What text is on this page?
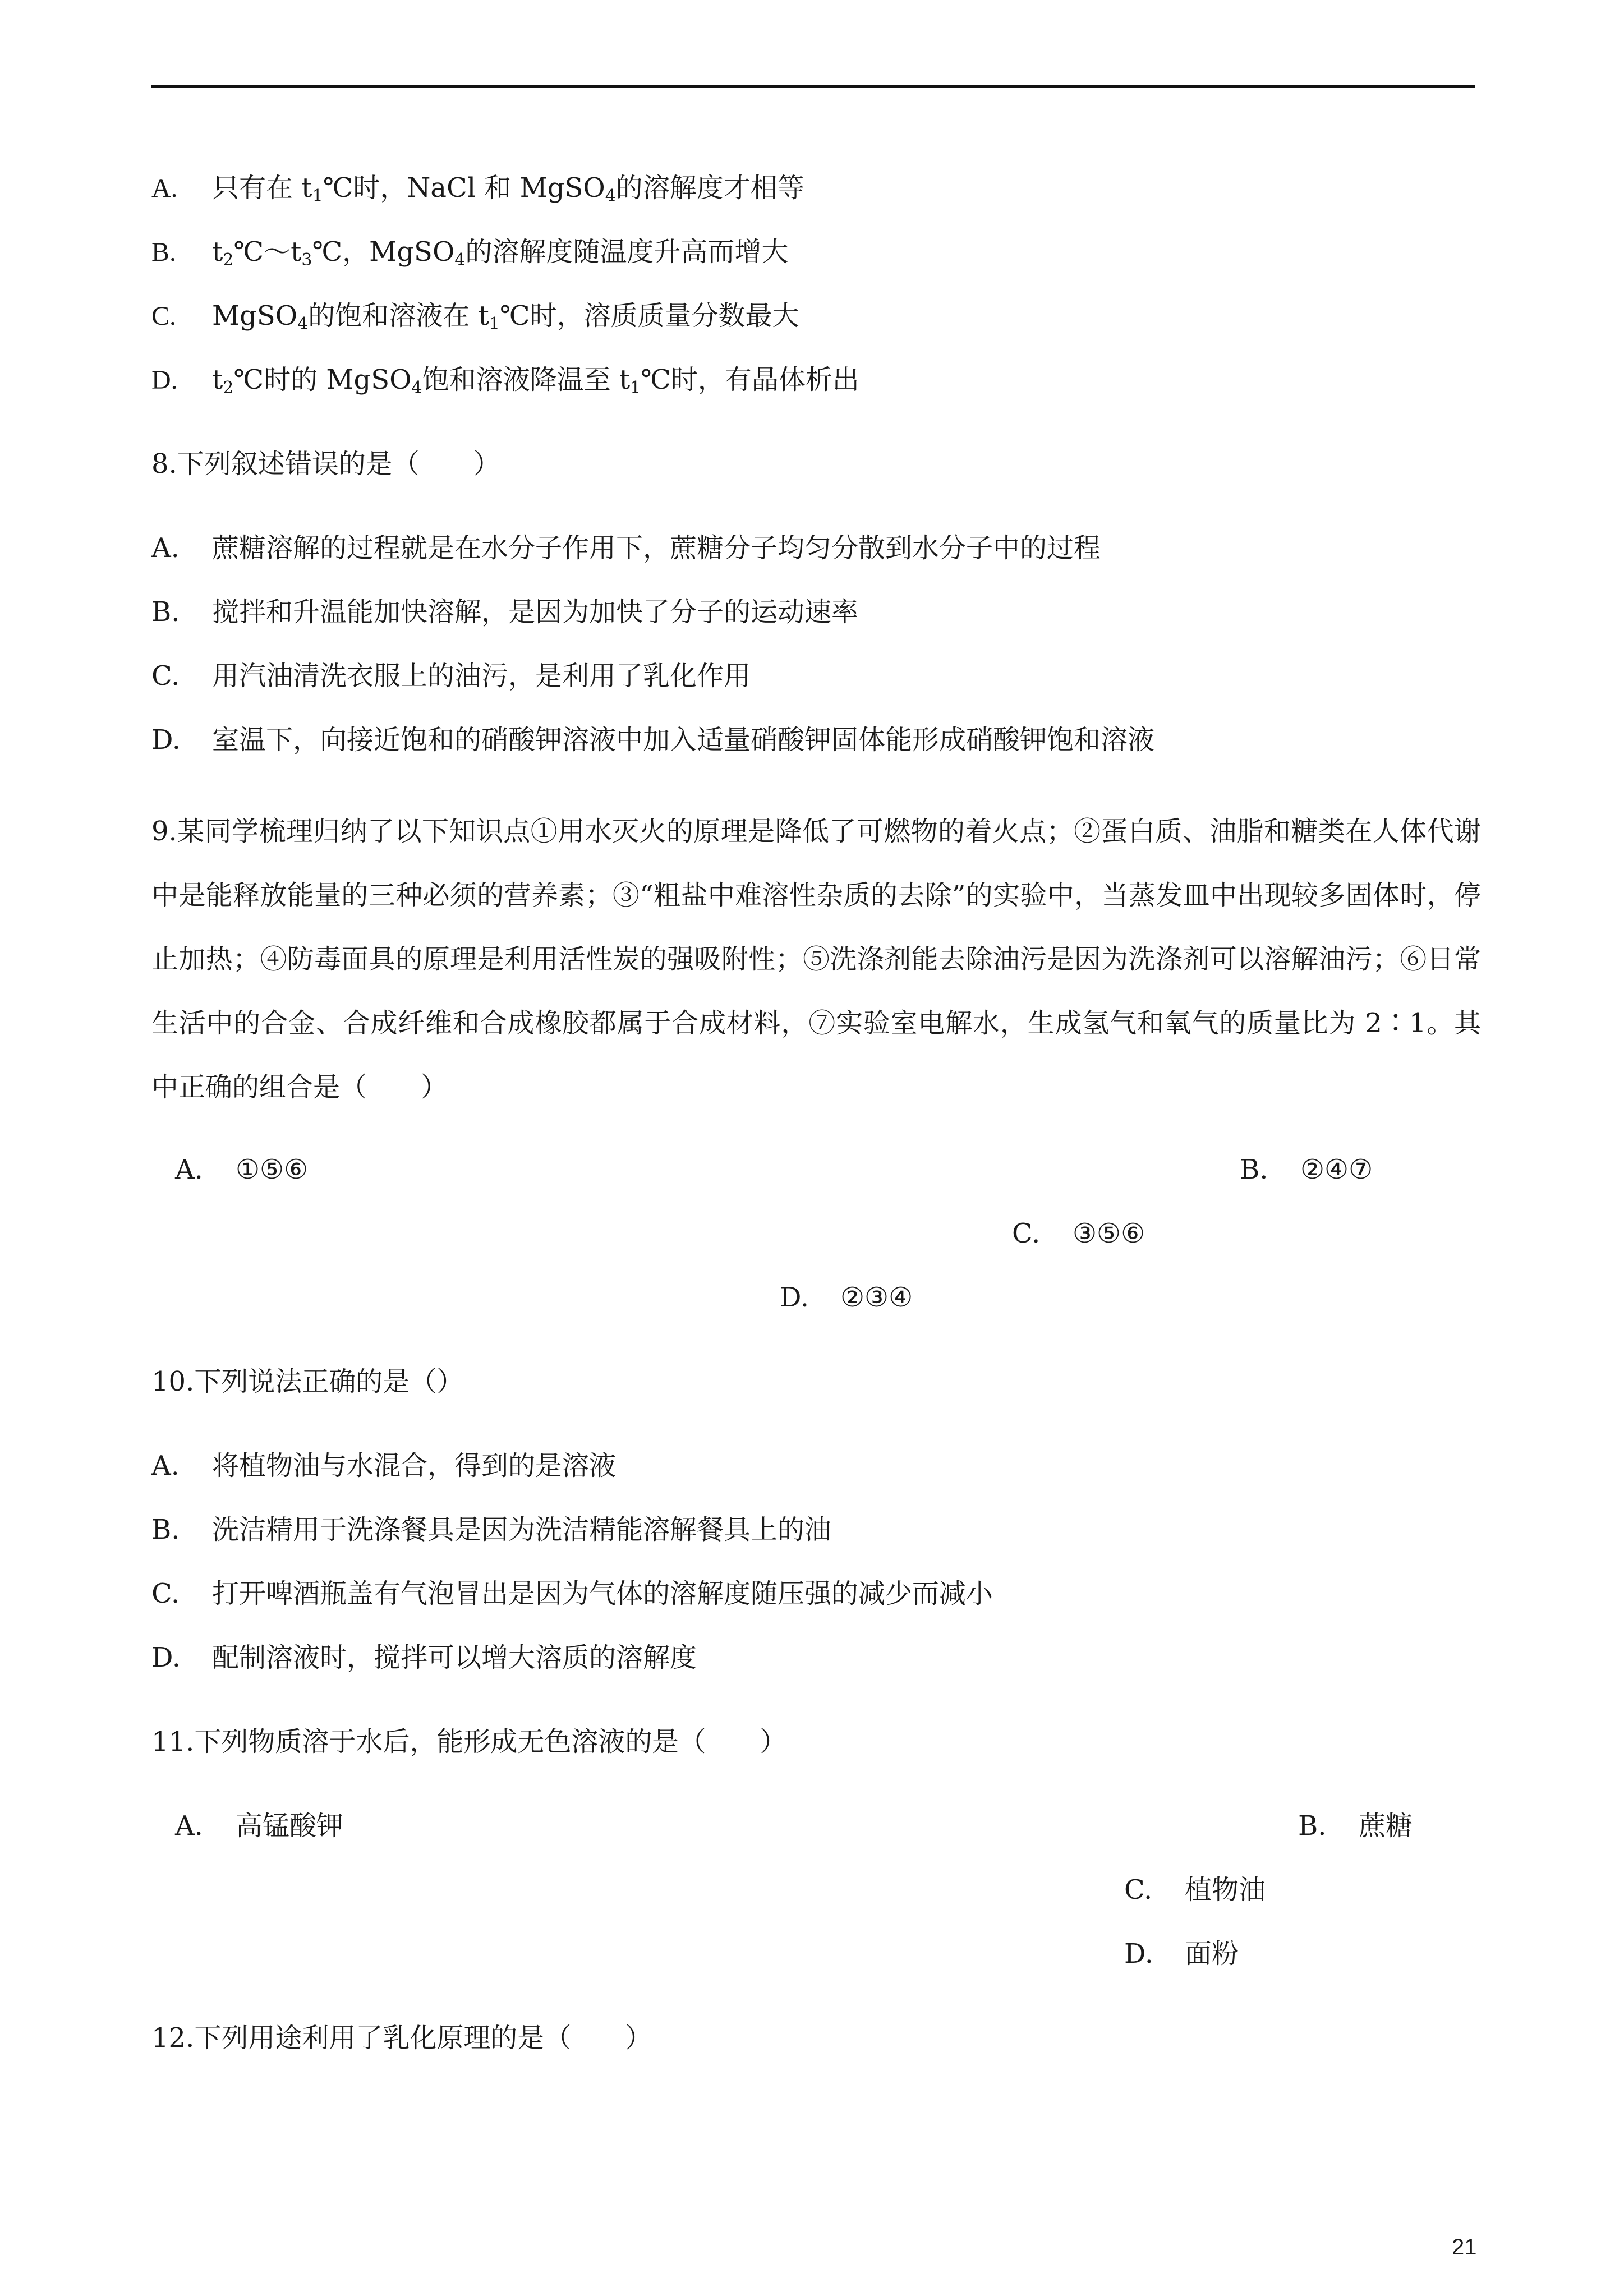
A. 只有在 $t_1℃$时，NaCl 和 MgSO$_4$的溶解度才相等
B. $t_2℃\sim t_3℃$，MgSO$_4$的溶解度随温度升高而增大
C. MgSO$_4$的饱和溶液在 $t_1℃$时，溶质质量分数最大
D. $t_2℃$时的 MgSO$_4$饱和溶液降温至 $t_1℃$时，有晶体析出
8.下列叙述错误的是（　　）
A. 蔗糖溶解的过程就是在水分子作用下，蔗糖分子均匀分散到水分子中的过程
B. 搅拌和升温能加快溶解，是因为加快了分子的运动速率
C. 用汽油清洗衣服上的油污，是利用了乳化作用
D. 室温下，向接近饱和的硝酸钾溶液中加入适量硝酸钾固体能形成硝酸钾饱和溶液
9.某同学梳理归纳了以下知识点①用水灭火的原理是降低了可燃物的着火点；②蛋白质、油脂和糖类在人体代谢中是能释放能量的三种必须的营养素；③“粗盐中难溶性杂质的去除”的实验中，当蒸发皿中出现较多固体时，停止加热；④防毒面具的原理是利用活性炭的强吸附性；⑤洗涤剂能去除油污是因为洗涤剂可以溶解油污；⑥日常生活中的合金、合成纤维和合成橡胶都属于合成材料，⑦实验室电解水，生成氢气和氧气的质量比为 2∶1。其中正确的组合是（　　）
A. ①⑤⑥	B. ②④⑦
C. ③⑤⑥
D. ②③④
10.下列说法正确的是（）
A. 将植物油与水混合，得到的是溶液
B. 洗洁精用于洗涤餐具是因为洗洁精能溶解餐具上的油
C. 打开啤酒瓶盖有气泡冒出是因为气体的溶解度随压强的减少而减小
D. 配制溶液时，搅拌可以增大溶质的溶解度
11.下列物质溶于水后，能形成无色溶液的是（　　）
A. 高锰酸钾	B. 蔗糖
C. 植物油
D. 面粉
12.下列用途利用了乳化原理的是（　　）
21
